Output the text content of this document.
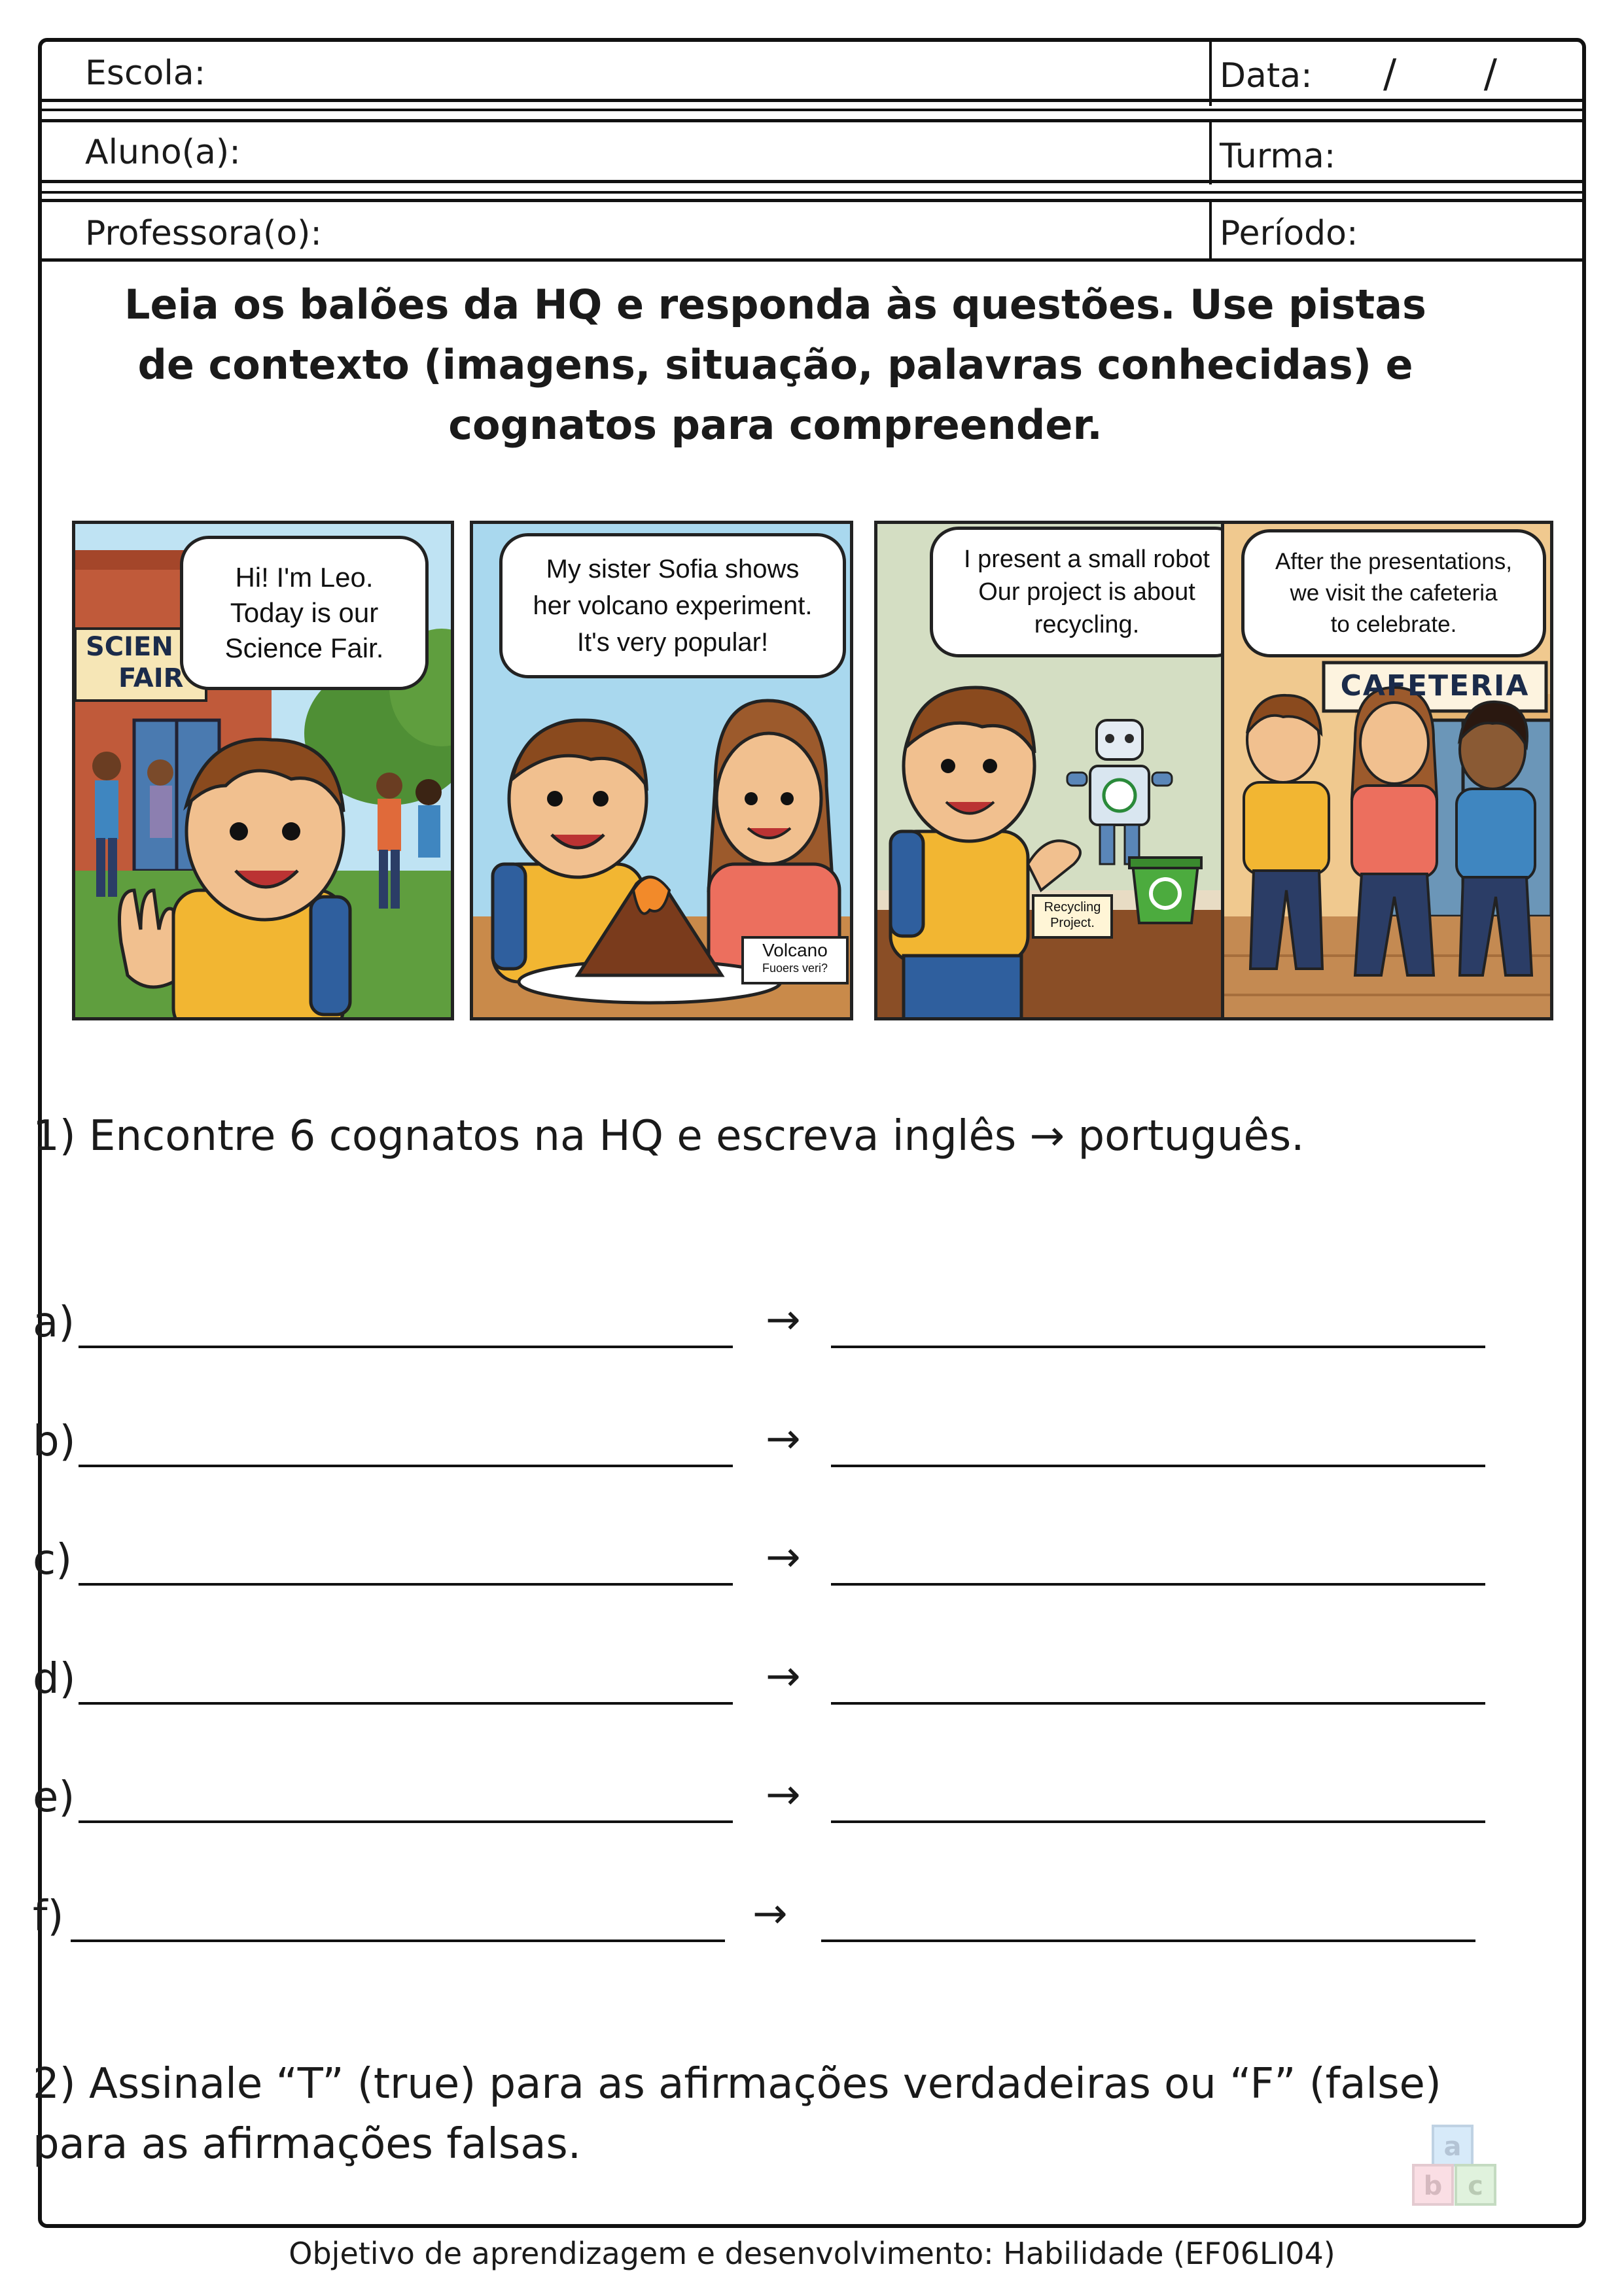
Escola:	Data: /       /
Aluno(a):	Turma:
Professora(o):	Período:
Leia os balões da HQ e responda às questões. Use pistas de contexto (imagens, situação, palavras conhecidas) e cognatos para compreender.
SCIEN
FAIR
Hi! I'm Leo.
Today is our
Science Fair.
Volcano
Fuoers veri?
My sister Sofia shows
her volcano experiment.
It's very popular!
Recycling
Project.
I present a small robot
Our project is about
recycling.
CAFETERIA
After the presentations,
we visit the cafeteria
to celebrate.
1) Encontre 6 cognatos na HQ e escreva inglês → português.
a)	→
b)	→
c)	→
d)	→
e)	→
f)	→
2) Assinale “T” (true) para as afirmações verdadeiras ou “F” (false) para as afirmações falsas.	a
b c
Objetivo de aprendizagem e desenvolvimento: Habilidade (EF06LI04)
